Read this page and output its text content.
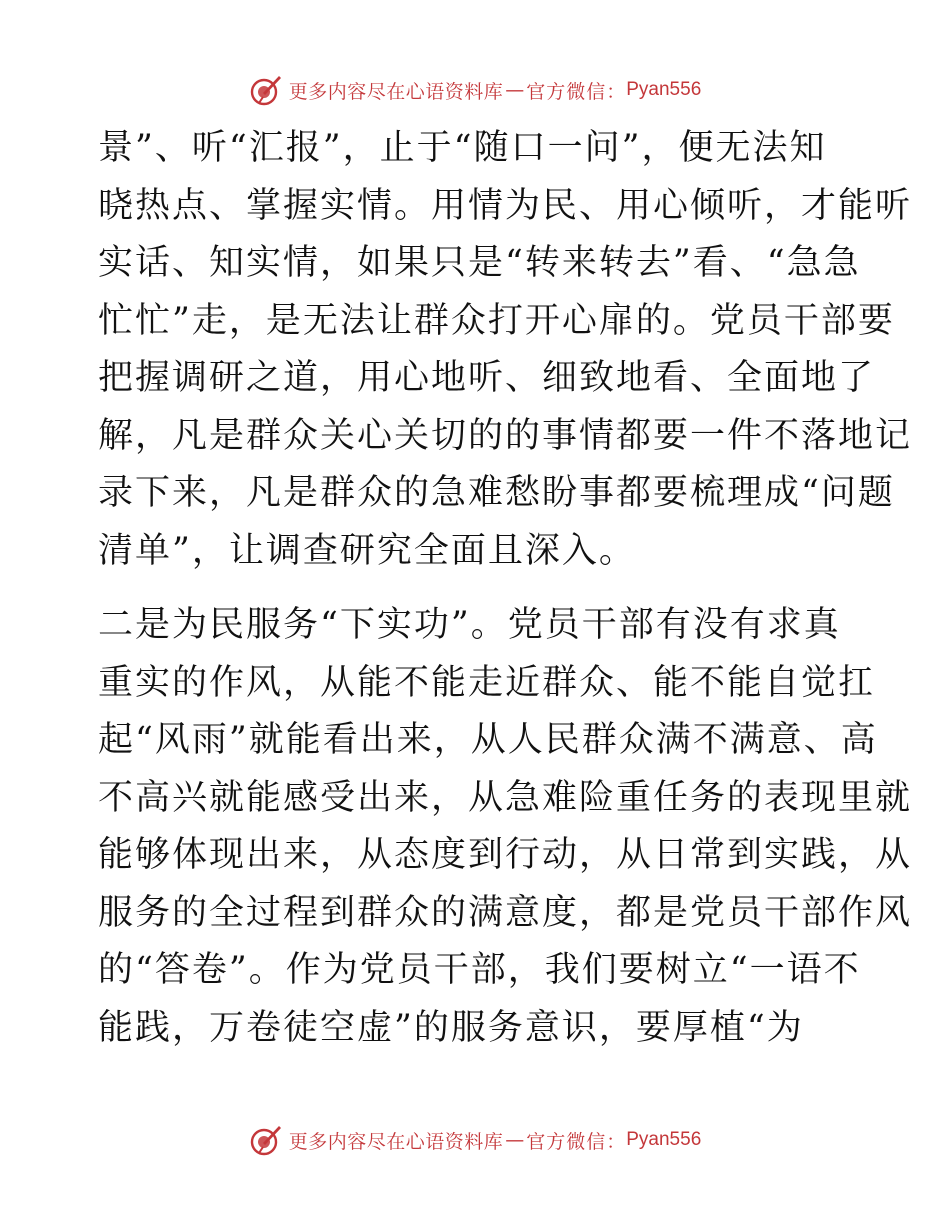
更多内容尽在心语资料库 — 官方微信： Pyan556

景”、听“汇报”，止于“随口一问”，便无法知
晓热点、掌握实情。用情为民、用心倾听，才能听
实话、知实情，如果只是“转来转去”看、“急急
忙忙”走，是无法让群众打开心扉的。党员干部要
把握调研之道，用心地听、细致地看、全面地了
解，凡是群众关心关切的的事情都要一件不落地记
录下来，凡是群众的急难愁盼事都要梳理成“问题
清单”，让调查研究全面且深入。

二是为民服务“下实功”。党员干部有没有求真
重实的作风，从能不能走近群众、能不能自觉扛
起“风雨”就能看出来，从人民群众满不满意、高
不高兴就能感受出来，从急难险重任务的表现里就
能够体现出来，从态度到行动，从日常到实践，从
服务的全过程到群众的满意度，都是党员干部作风
的“答卷”。作为党员干部，我们要树立“一语不
能践，万卷徒空虚”的服务意识，要厚植“为

更多内容尽在心语资料库 — 官方微信： Pyan556
